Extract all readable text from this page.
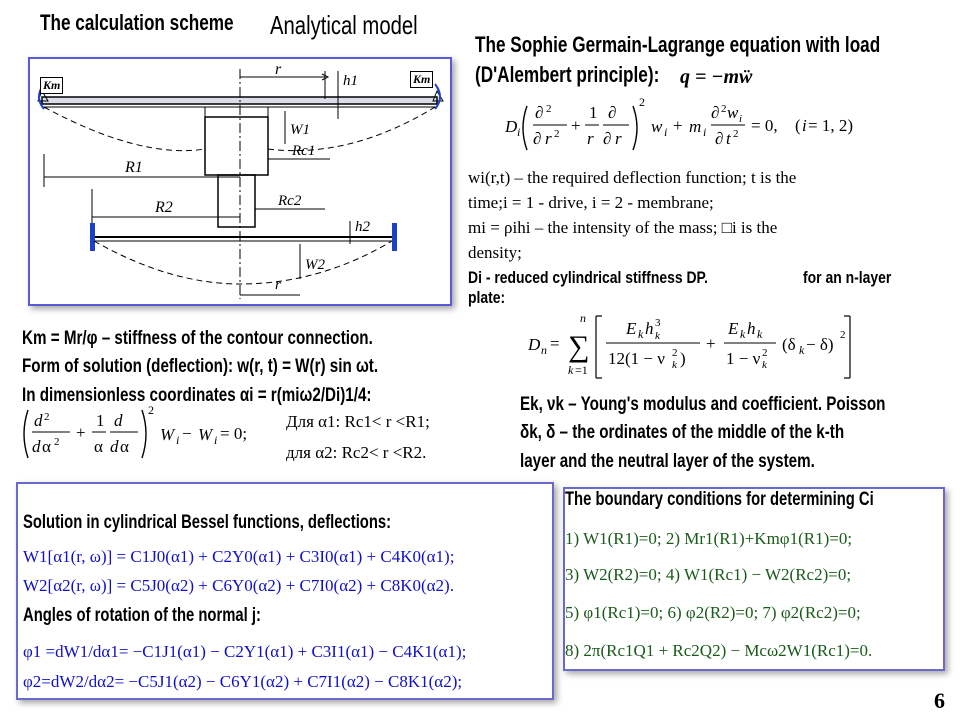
The calculation scheme Analytical model
The Sophie Germain-Lagrange equation with load
(D'Alembert principle): q = −mẅ
r
h1
W1
R1
Rc1
R2	Rc2
h2
W2
r
Km	Km
D i
∂ 2
∂ r 2 +
1
r
∂
∂ r
2
w i + m i
∂ 2 w i
∂ t 2 = 0, ( i = 1, 2)
wi(r,t) – the required deflection function; t is the
time;i = 1 - drive, i = 2 - membrane;
mi = ρihi – the intensity of the mass; □i is the
density;
Di - reduced cylindrical stiffness DP.	for an n-layer
plate:
D п = ∑
n
k =1
E k h 3
k
12(1 − ν 2
k )
+
E k h k
1 − ν 2
k
(δ k − δ) 2
Km = Mr/φ – stiffness of the contour connection.
Form of solution (deflection): w(r, t) = W(r) sin ωt.
In dimensionless coordinates αi = r(miω2/Di)1/4:
d 2
d α 2 +
1
α
d
d α
2
W i − W i = 0;
Для α1: Rc1< r <R1;
для α2: Rc2< r <R2.
Ek, νk – Young's modulus and coefficient. Poisson
δk, δ – the ordinates of the middle of the k-th
layer and the neutral layer of the system.
Solution in cylindrical Bessel functions, deflections:
W1[α1(r, ω)] = C1J0(α1) + C2Y0(α1) + C3I0(α1) + C4K0(α1);
W2[α2(r, ω)] = C5J0(α2) + C6Y0(α2) + C7I0(α2) + C8K0(α2).
Angles of rotation of the normal j:
φ1 =dW1/dα1= −C1J1(α1) − C2Y1(α1) + C3I1(α1) − C4K1(α1);
φ2=dW2/dα2= −C5J1(α2) − C6Y1(α2) + C7I1(α2) − C8K1(α2);
The boundary conditions for determining Ci
1) W1(R1)=0; 2) Mr1(R1)+Kmφ1(R1)=0;
3) W2(R2)=0; 4) W1(Rc1) − W2(Rc2)=0;
5) φ1(Rc1)=0; 6) φ2(R2)=0; 7) φ2(Rc2)=0;
8) 2π(Rc1Q1 + Rc2Q2) − Mcω2W1(Rc1)=0.
6
